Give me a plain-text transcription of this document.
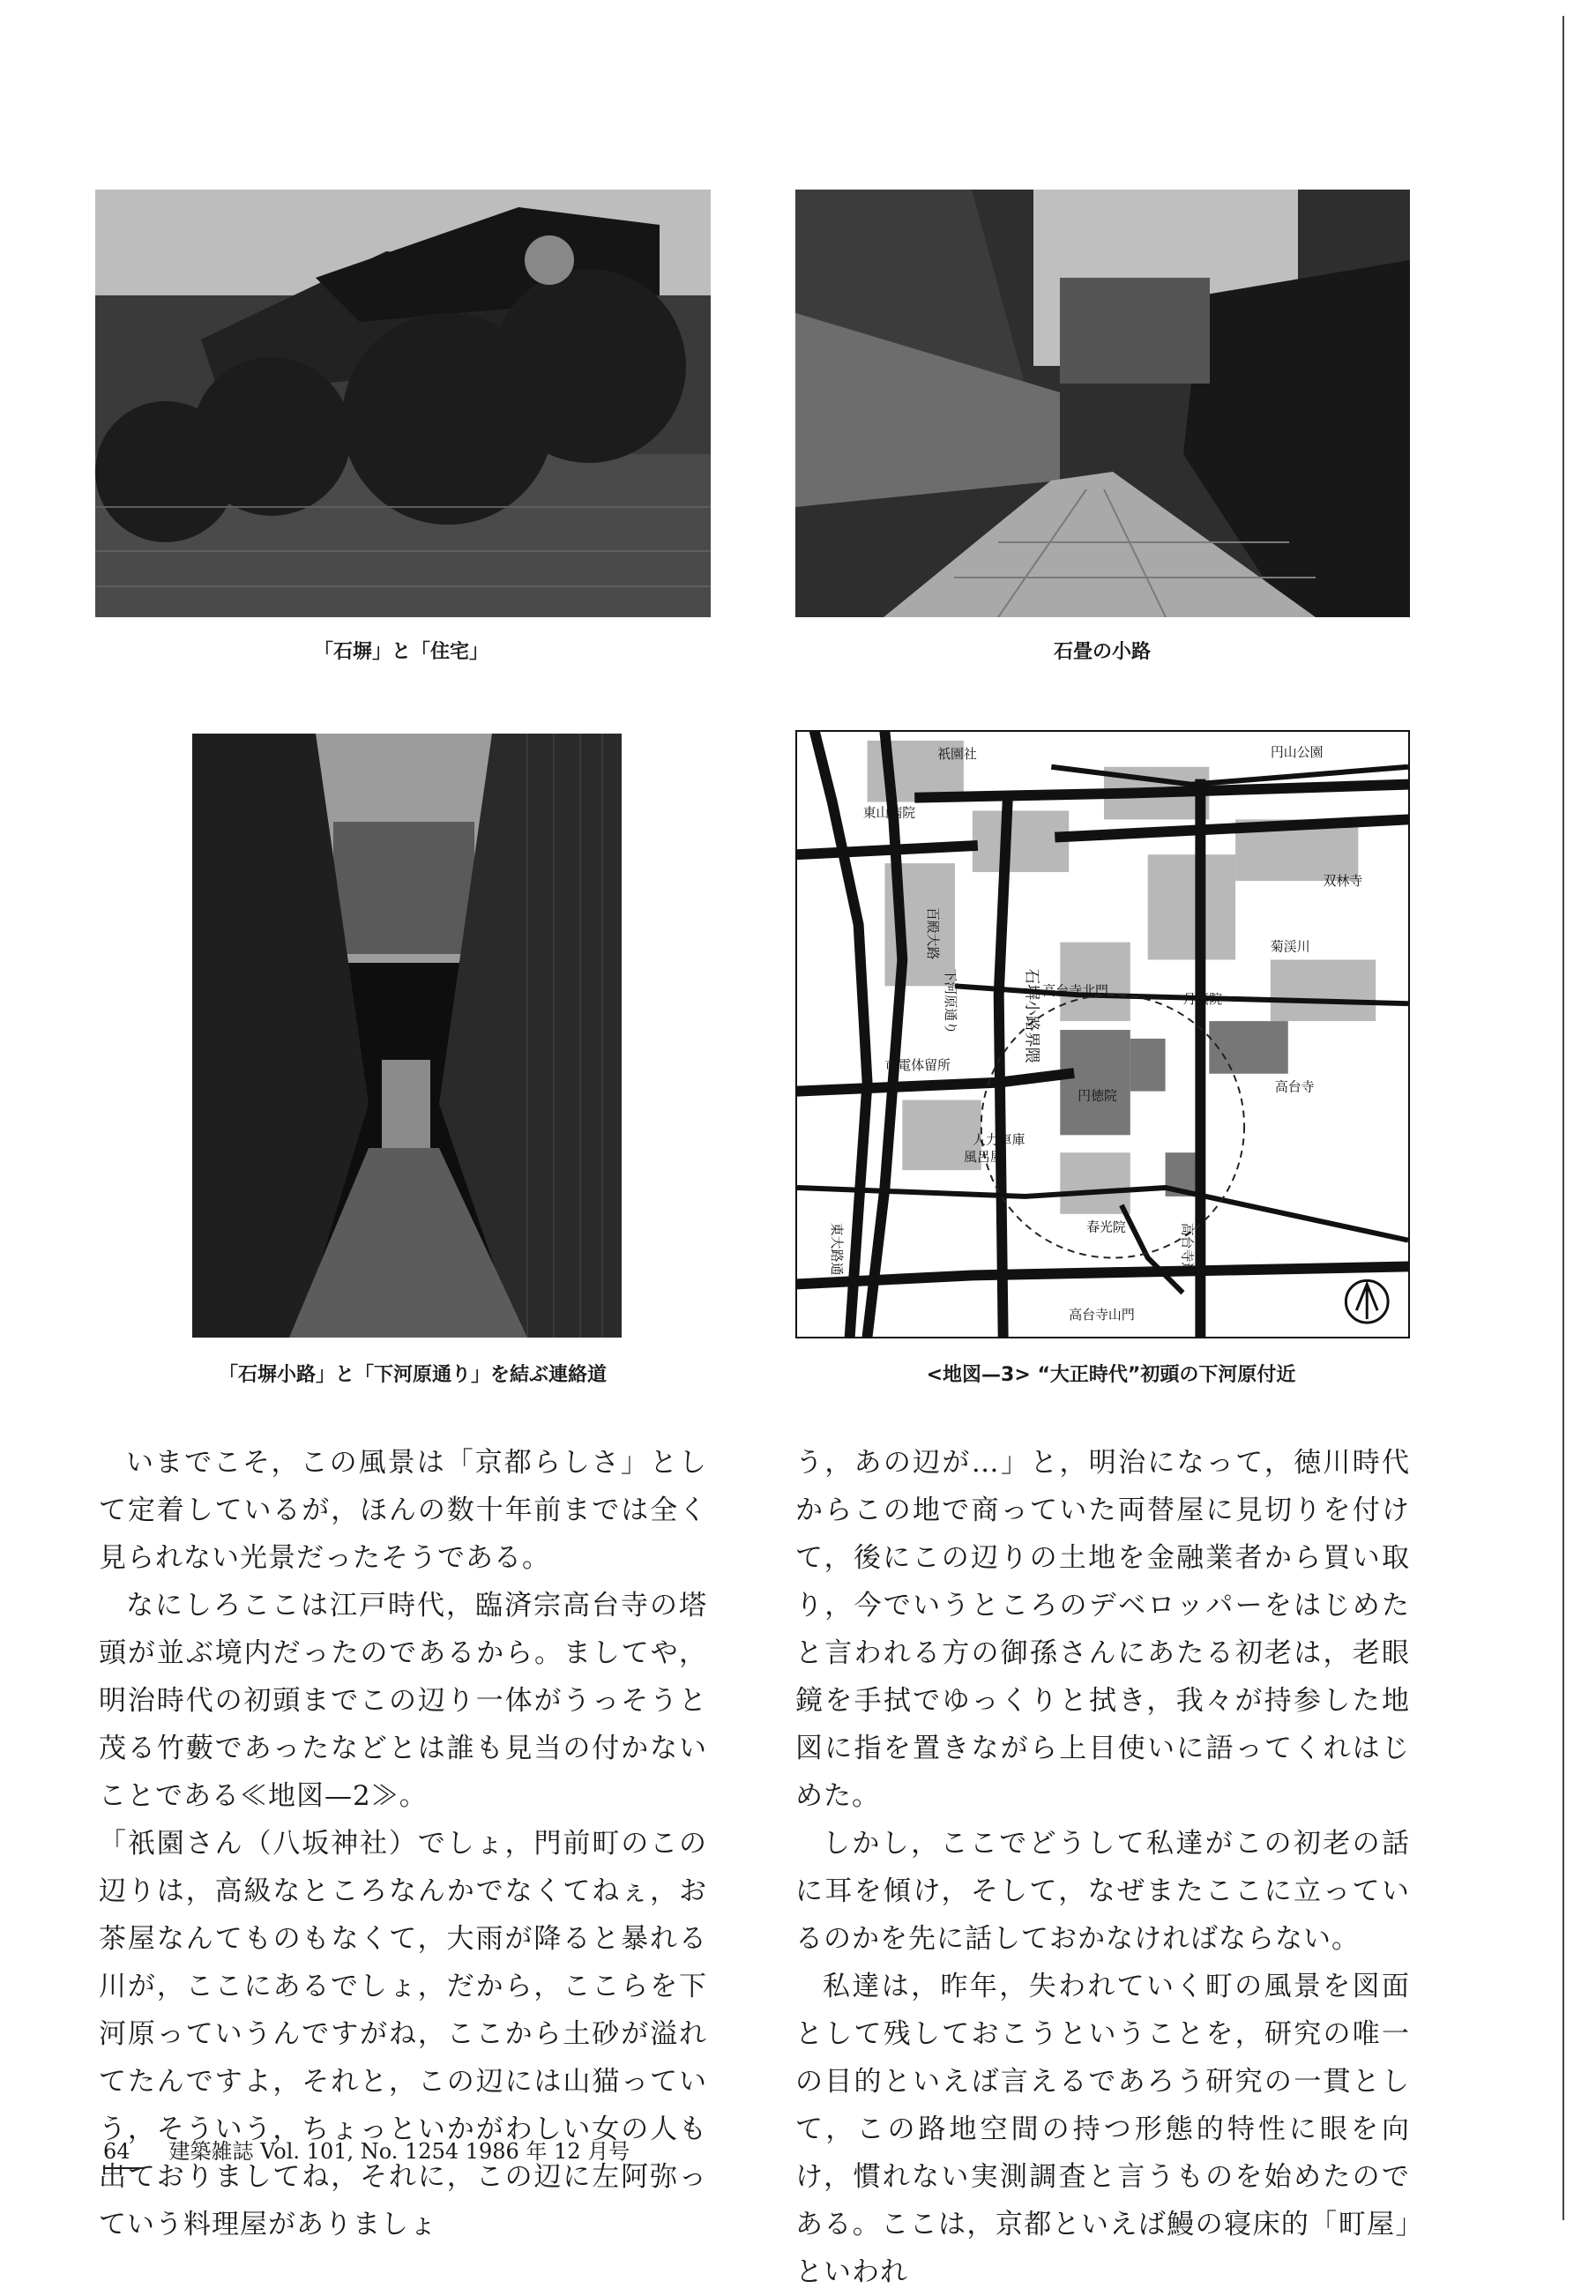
「石塀」と「住宅」	石畳の小路
「石塀小路」と「下河原通り」を結ぶ連絡道
祇園社	円山公園
東山病院
双林寺
菊渓川
高台寺北門
月真院
市電体留所
高台寺
円徳院
人力車庫
風呂屋
春光院
高台寺山門
百殿大路
下河原通り	石塀小路界隈
高台寺道
東大路通り
<地図—3> “大正時代”初頭の下河原付近

いまでこそ，この風景は「京都らしさ」として定着しているが，ほんの数十年前までは全く見られない光景だったそうである。

なにしろここは江戸時代，臨済宗高台寺の塔頭が並ぶ境内だったのであるから。ましてや，明治時代の初頭までこの辺り一体がうっそうと茂る竹藪であったなどとは誰も見当の付かないことである≪地図—2≫。

「祇園さん（八坂神社）でしょ，門前町のこの辺りは，高級なところなんかでなくてねぇ，お茶屋なんてものもなくて，大雨が降ると暴れる川が，ここにあるでしょ，だから，ここらを下河原っていうんですがね，ここから土砂が溢れてたんですよ，それと，この辺には山猫っていう，そういう，ちょっといかがわしい女の人も出ておりましてね，それに，この辺に左阿弥っていう料理屋がありましょ

う，あの辺が…」と，明治になって，徳川時代からこの地で商っていた両替屋に見切りを付けて，後にこの辺りの土地を金融業者から買い取り，今でいうところのデベロッパーをはじめたと言われる方の御孫さんにあたる初老は，老眼鏡を手拭でゆっくりと拭き，我々が持参した地図に指を置きながら上目使いに語ってくれはじめた。

しかし，ここでどうして私達がこの初老の話に耳を傾け，そして，なぜまたここに立っているのかを先に話しておかなければならない。

私達は，昨年，失われていく町の風景を図面として残しておこうということを，研究の唯一の目的といえば言えるであろう研究の一貫として，この路地空間の持つ形態的特性に眼を向け，慣れない実測調査と言うものを始めたのである。ここは，京都といえば鰻の寝床的「町屋」といわれ

64 建築雑誌 Vol. 101, No. 1254 1986 年 12 月号
